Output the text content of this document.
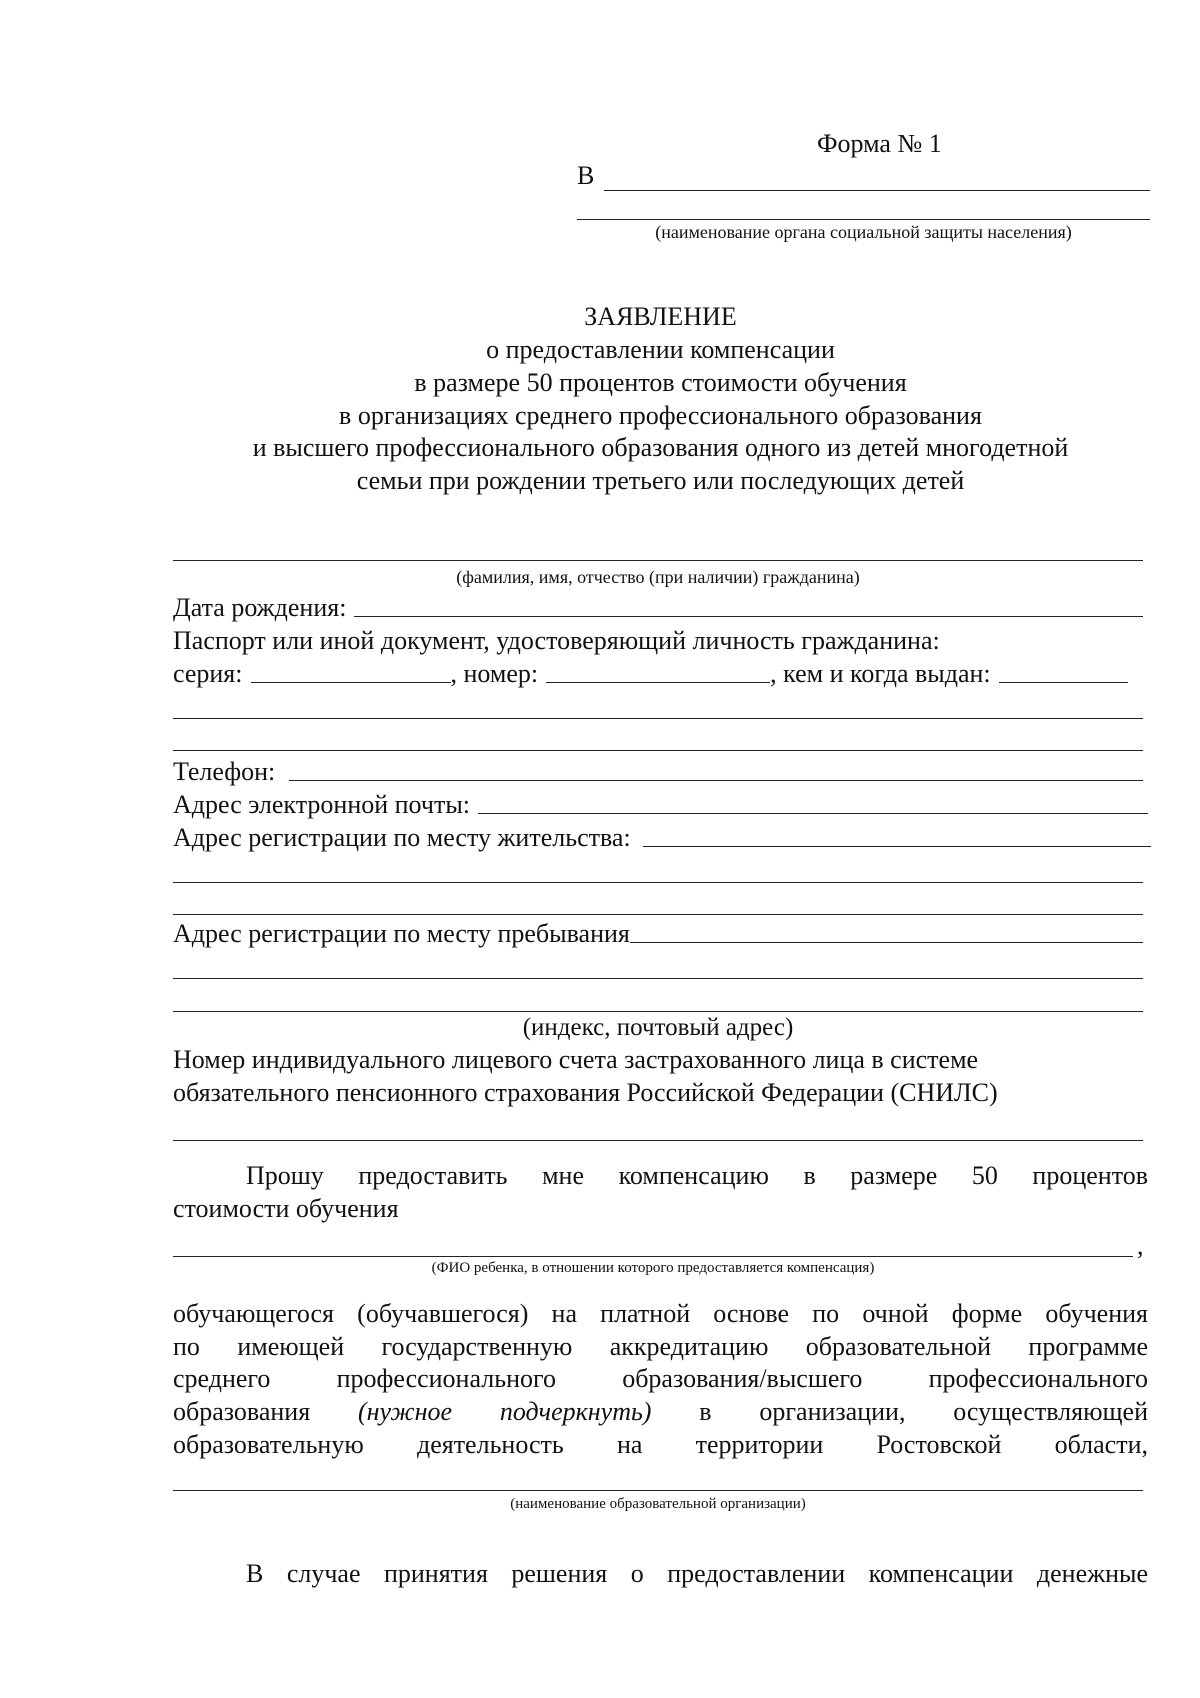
Форма № 1
В
(наименование органа социальной защиты населения)
ЗАЯВЛЕНИЕ
о предоставлении компенсации
в размере 50 процентов стоимости обучения
в организациях среднего профессионального образования
и высшего профессионального образования одного из детей многодетной
семьи при рождении третьего или последующих детей
(фамилия, имя, отчество (при наличии) гражданина)
Дата рождения:
Паспорт или иной документ, удостоверяющий личность гражданина:
серия:	, номер:	, кем и когда выдан:
Телефон:
Адрес электронной почты:
Адрес регистрации по месту жительства:
Адрес регистрации по месту пребывания
(индекс, почтовый адрес)
Номер индивидуального лицевого счета застрахованного лица в системе
обязательного пенсионного страхования Российской Федерации (СНИЛС)
Прошу предоставить мне компенсацию в размере 50 процентов
стоимости обучения
,
(ФИО ребенка, в отношении которого предоставляется компенсация)
обучающегося (обучавшегося) на платной основе по очной форме обучения
по имеющей государственную аккредитацию образовательной программе
среднего профессионального образования/высшего профессионального
образования (нужное подчеркнуть) в организации, осуществляющей
образовательную деятельность на территории Ростовской области,
(наименование образовательной организации)
В случае принятия решения о предоставлении компенсации денежные
